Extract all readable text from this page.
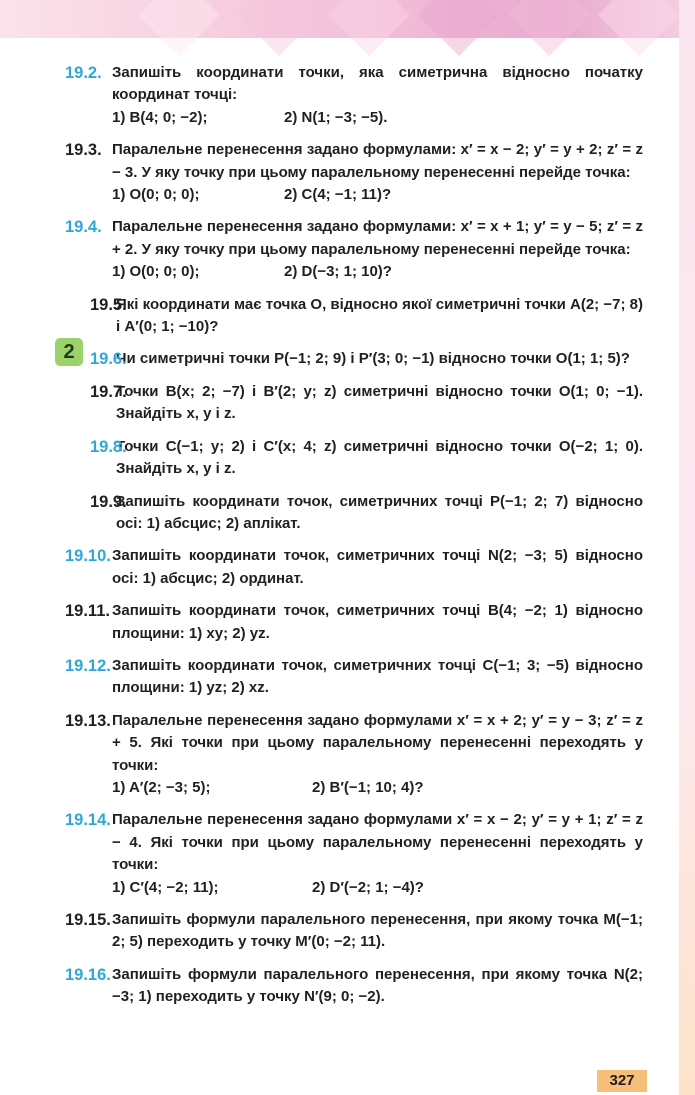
2
19.2. Запишіть координати точки, яка симетрична відносно початку координат точці:
1) B(4; 0; −2);	2) N(1; −3; −5).
19.3. Паралельне перенесення задано формулами: x′ = x − 2; y′ = y + 2; z′ = z − 3. У яку точку при цьому паралельному перенесенні перейде точка:
1) O(0; 0; 0);	2) C(4; −1; 11)?
19.4. Паралельне перенесення задано формулами: x′ = x + 1; y′ = y − 5; z′ = z + 2. У яку точку при цьому паралельному перенесенні перейде точка:
1) O(0; 0; 0);	2) D(−3; 1; 10)?
19.5.
Які координати має точка O, відносно якої симетричні точки A(2; −7; 8) і A′(0; 1; −10)?
19.6.
Чи симетричні точки P(−1; 2; 9) і P′(3; 0; −1) відносно точки O(1; 1; 5)?
19.7.
Точки B(x; 2; −7) і B′(2; y; z) симетричні відносно точки O(1; 0; −1). Знайдіть x, y і z.
19.8.
Точки C(−1; y; 2) і C′(x; 4; z) симетричні відносно точки O(−2; 1; 0). Знайдіть x, y і z.
19.9.
Запишіть координати точок, симетричних точці P(−1; 2; 7) відносно осі: 1) абсцис; 2) аплікат.
19.10. Запишіть координати точок, симетричних точці N(2; −3; 5) відносно осі: 1) абсцис; 2) ординат.
19.11. Запишіть координати точок, симетричних точці B(4; −2; 1) відносно площини: 1) xy; 2) yz.
19.12. Запишіть координати точок, симетричних точці C(−1; 3; −5) відносно площини: 1) yz; 2) xz.
19.13. Паралельне перенесення задано формулами x′ = x + 2; y′ = y − 3; z′ = z + 5. Які точки при цьому паралельному перенесенні переходять у точки:
1) A′(2; −3; 5);	2) B′(−1; 10; 4)?
19.14. Паралельне перенесення задано формулами x′ = x − 2; y′ = y + 1; z′ = z − 4. Які точки при цьому паралельному перенесенні переходять у точки:
1) C′(4; −2; 11);	2) D′(−2; 1; −4)?
19.15. Запишіть формули паралельного перенесення, при якому точка M(−1; 2; 5) переходить у точку M′(0; −2; 11).
19.16. Запишіть формули паралельного перенесення, при якому точка N(2; −3; 1) переходить у точку N′(9; 0; −2).
327
